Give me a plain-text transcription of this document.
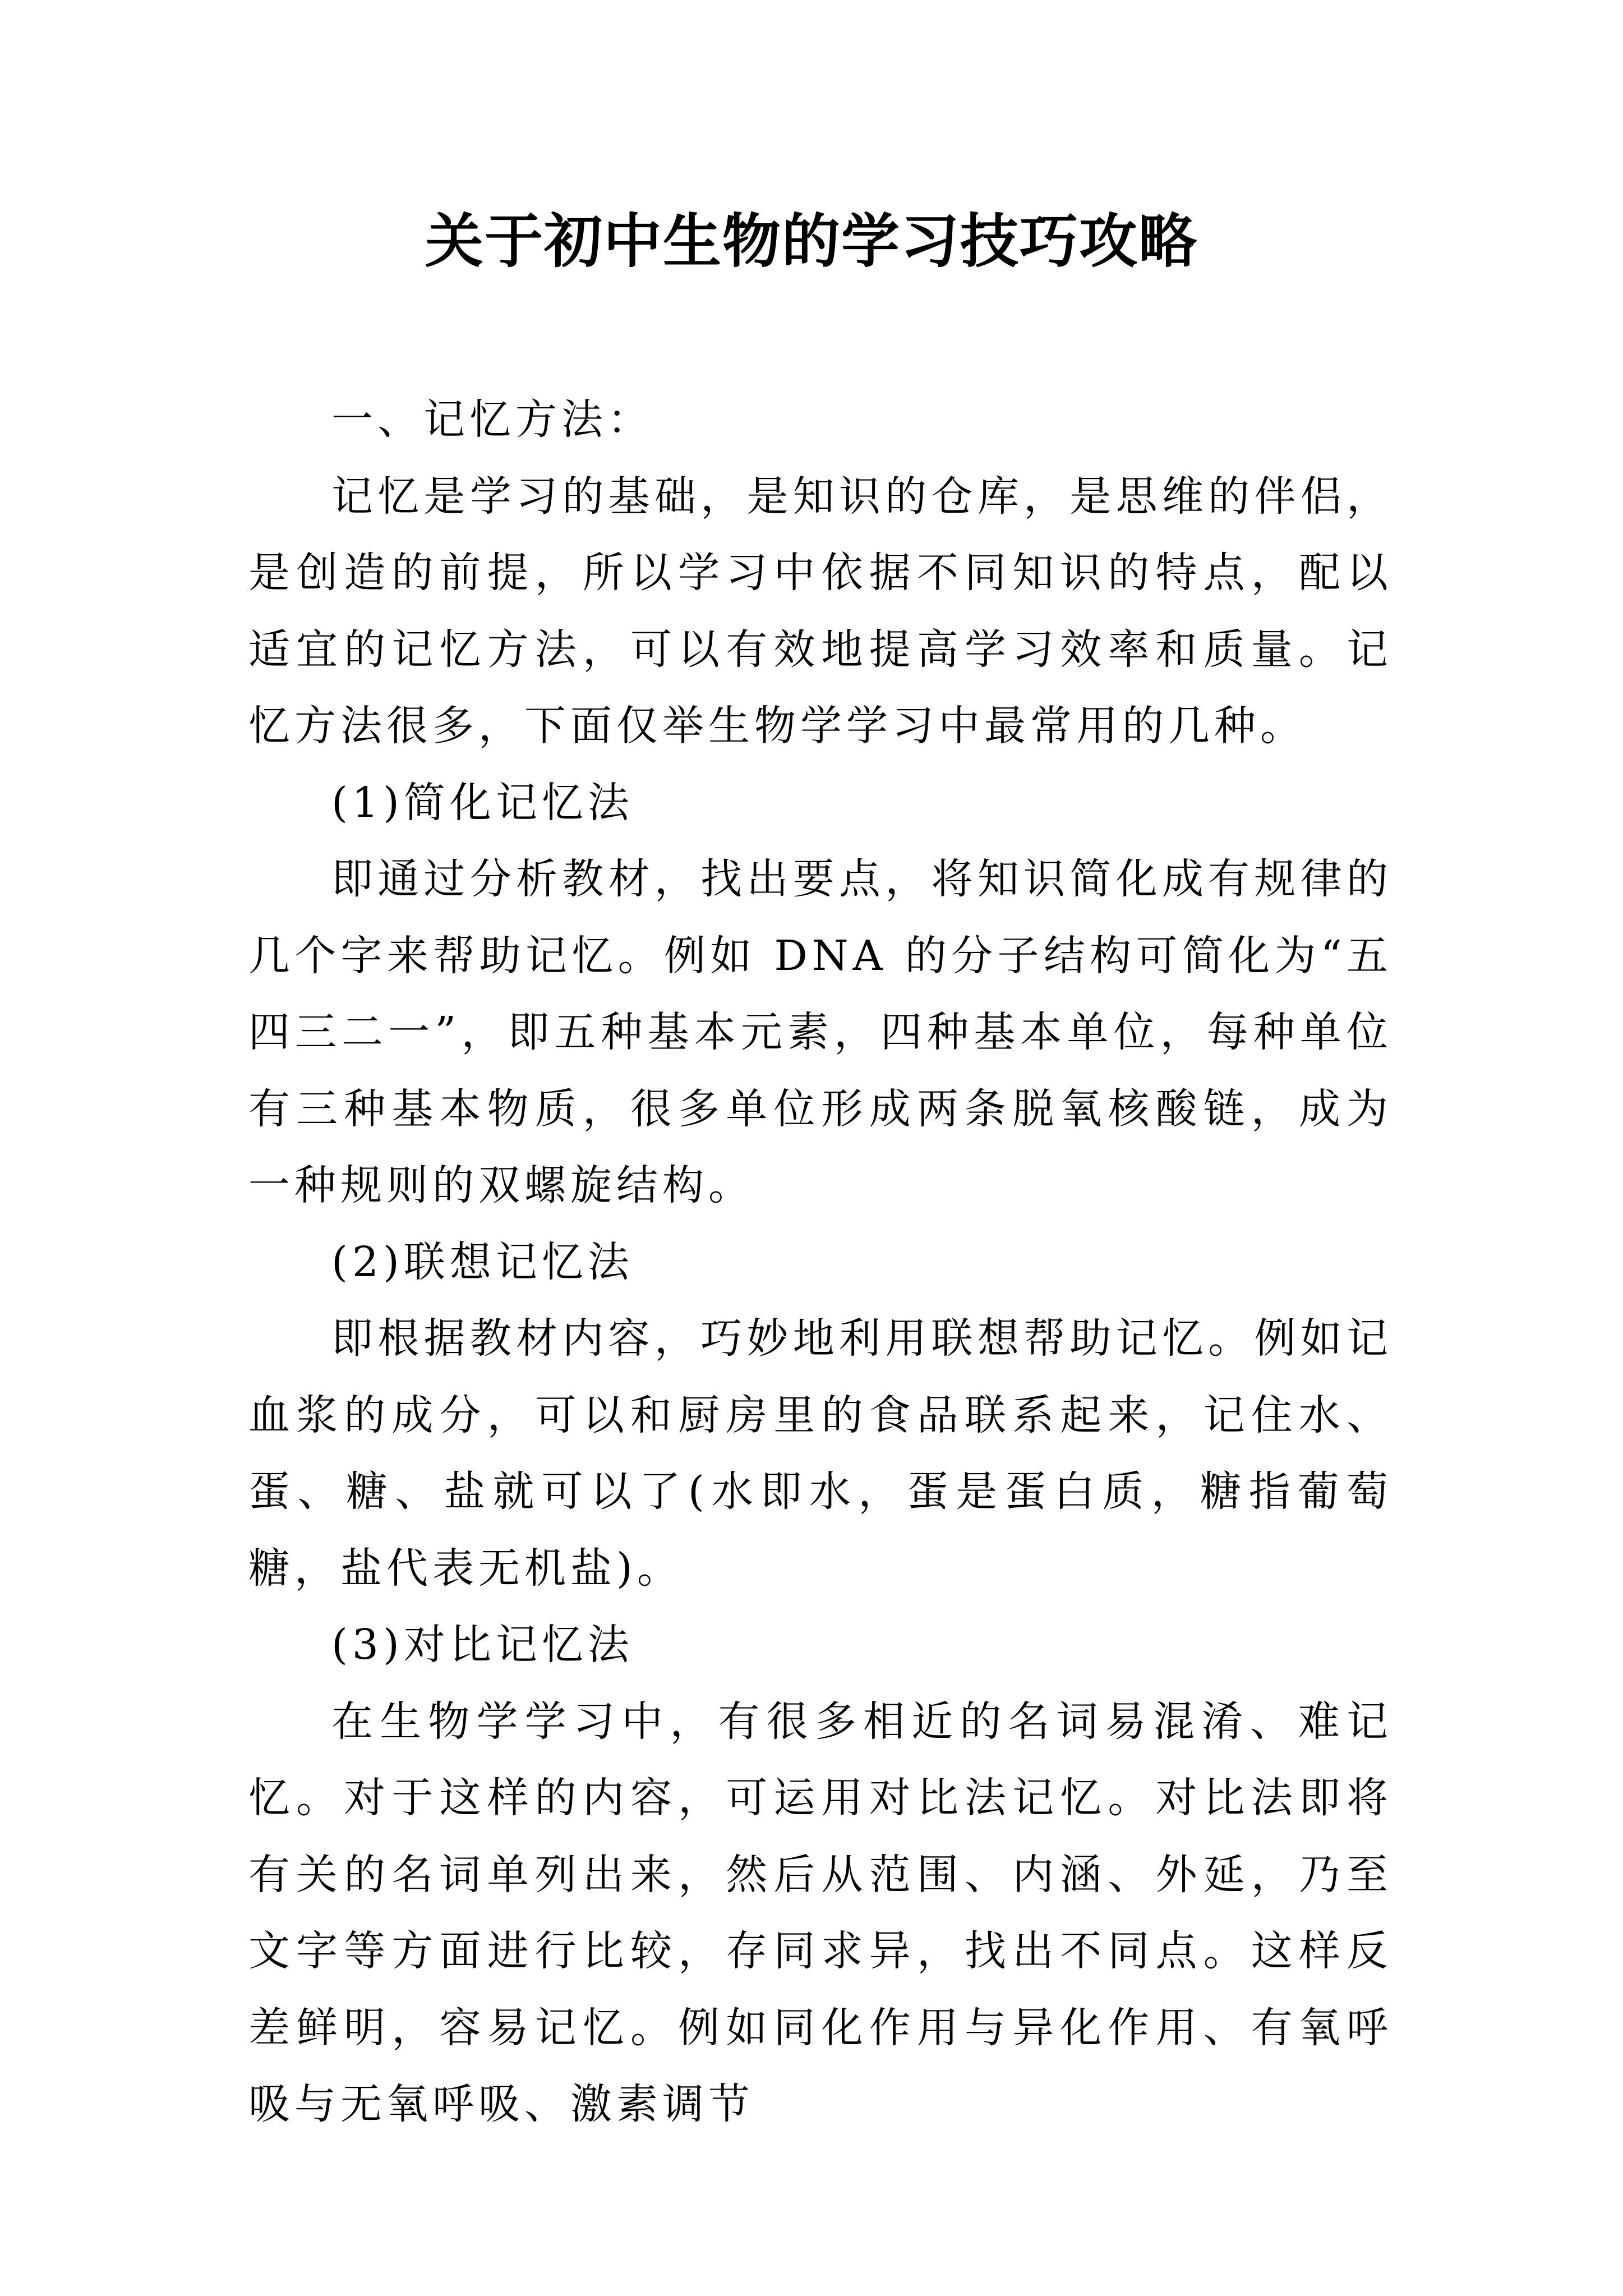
关于初中生物的学习技巧攻略

一、记忆方法：

记忆是学习的基础，是知识的仓库，是思维的伴侣，是创造的前提，所以学习中依据不同知识的特点，配以适宜的记忆方法，可以有效地提高学习效率和质量。记忆方法很多，下面仅举生物学学习中最常用的几种。

(1)简化记忆法

即通过分析教材，找出要点，将知识简化成有规律的几个字来帮助记忆。例如 DNA 的分子结构可简化为“五四三二一”，即五种基本元素，四种基本单位，每种单位有三种基本物质，很多单位形成两条脱氧核酸链，成为一种规则的双螺旋结构。

(2)联想记忆法

即根据教材内容，巧妙地利用联想帮助记忆。例如记血浆的成分，可以和厨房里的食品联系起来，记住水、蛋、糖、盐就可以了(水即水，蛋是蛋白质，糖指葡萄糖，盐代表无机盐)。

(3)对比记忆法

在生物学学习中，有很多相近的名词易混淆、难记忆。对于这样的内容，可运用对比法记忆。对比法即将有关的名词单列出来，然后从范围、内涵、外延，乃至文字等方面进行比较，存同求异，找出不同点。这样反差鲜明，容易记忆。例如同化作用与异化作用、有氧呼吸与无氧呼吸、激素调节
